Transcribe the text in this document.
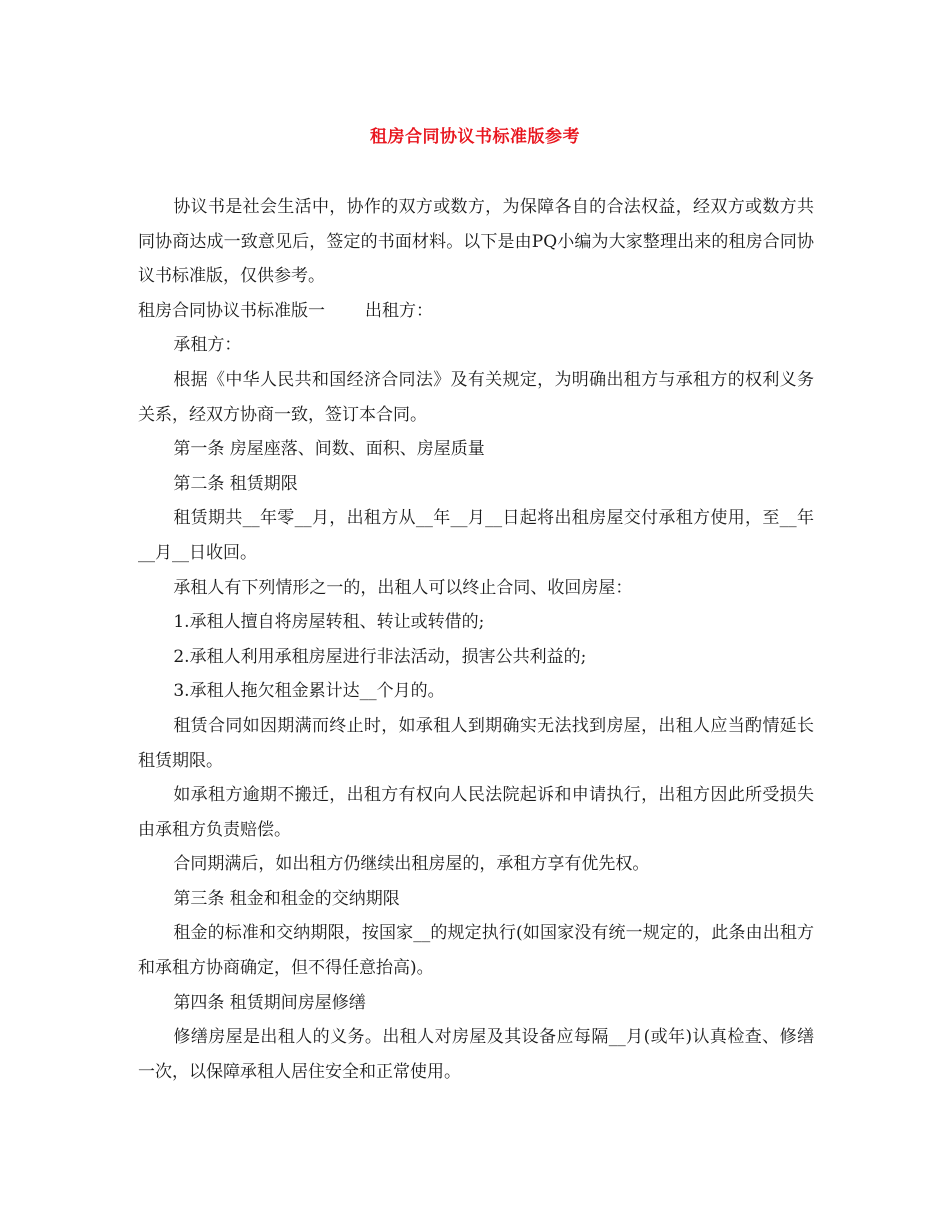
租房合同协议书标准版参考

协议书是社会生活中，协作的双方或数方，为保障各自的合法权益，经双方或数方共同协商达成一致意见后，签定的书面材料。以下是由PQ小编为大家整理出来的租房合同协议书标准版，仅供参考。

租房合同协议书标准版一 出租方：

承租方：

根据《中华人民共和国经济合同法》及有关规定，为明确出租方与承租方的权利义务关系，经双方协商一致，签订本合同。

第一条 房屋座落、间数、面积、房屋质量

第二条 租赁期限

租赁期共__年零__月，出租方从__年__月__日起将出租房屋交付承租方使用，至__年__月__日收回。

承租人有下列情形之一的，出租人可以终止合同、收回房屋：

1.承租人擅自将房屋转租、转让或转借的;

2.承租人利用承租房屋进行非法活动，损害公共利益的;

3.承租人拖欠租金累计达__个月的。

租赁合同如因期满而终止时，如承租人到期确实无法找到房屋，出租人应当酌情延长租赁期限。

如承租方逾期不搬迁，出租方有权向人民法院起诉和申请执行，出租方因此所受损失由承租方负责赔偿。

合同期满后，如出租方仍继续出租房屋的，承租方享有优先权。

第三条 租金和租金的交纳期限

租金的标准和交纳期限，按国家__的规定执行(如国家没有统一规定的，此条由出租方和承租方协商确定，但不得任意抬高)。

第四条 租赁期间房屋修缮

修缮房屋是出租人的义务。出租人对房屋及其设备应每隔__月(或年)认真检查、修缮一次，以保障承租人居住安全和正常使用。
